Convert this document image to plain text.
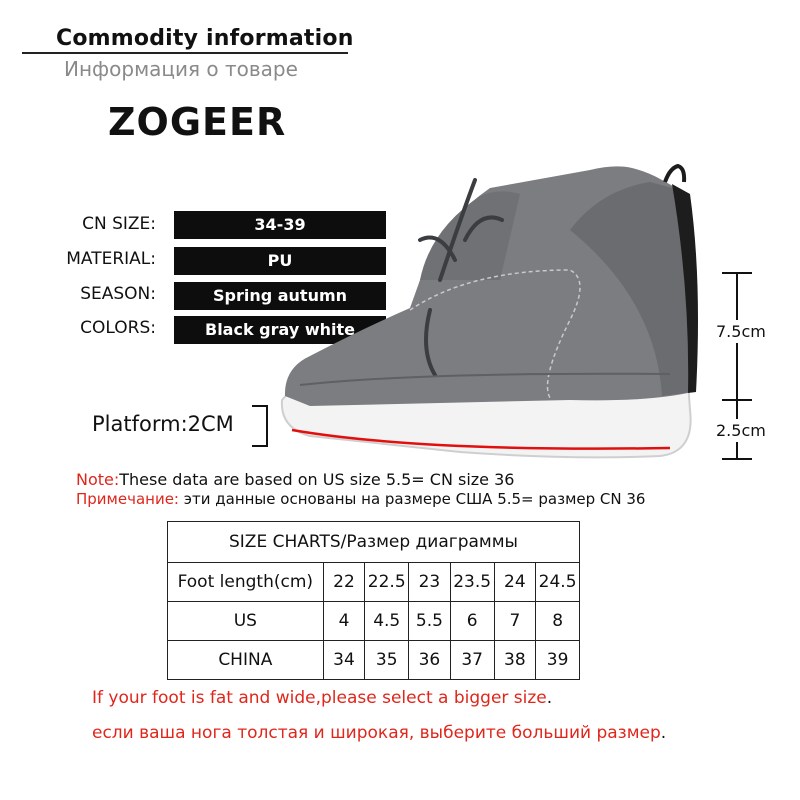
Commodity information
Информация о товаре
ZOGEER
CN SIZE:	34-39
MATERIAL:	PU
SEASON:	Spring autumn
COLORS:	Black gray white
Platform:2CM
7.5cm
2.5cm
Note:These data are based on US size 5.5= CN size 36
Примечание: эти данные основаны на размере США 5.5= размер CN 36
SIZE CHARTS/Размер диаграммы						
Foot length(cm)	22	22.5	23	23.5	24	24.5
US	4	4.5	5.5	6	7	8
CHINA	34	35	36	37	38	39
If your foot is fat and wide,please select a bigger size.
если ваша нога толстая и широкая, выберите больший размер.
